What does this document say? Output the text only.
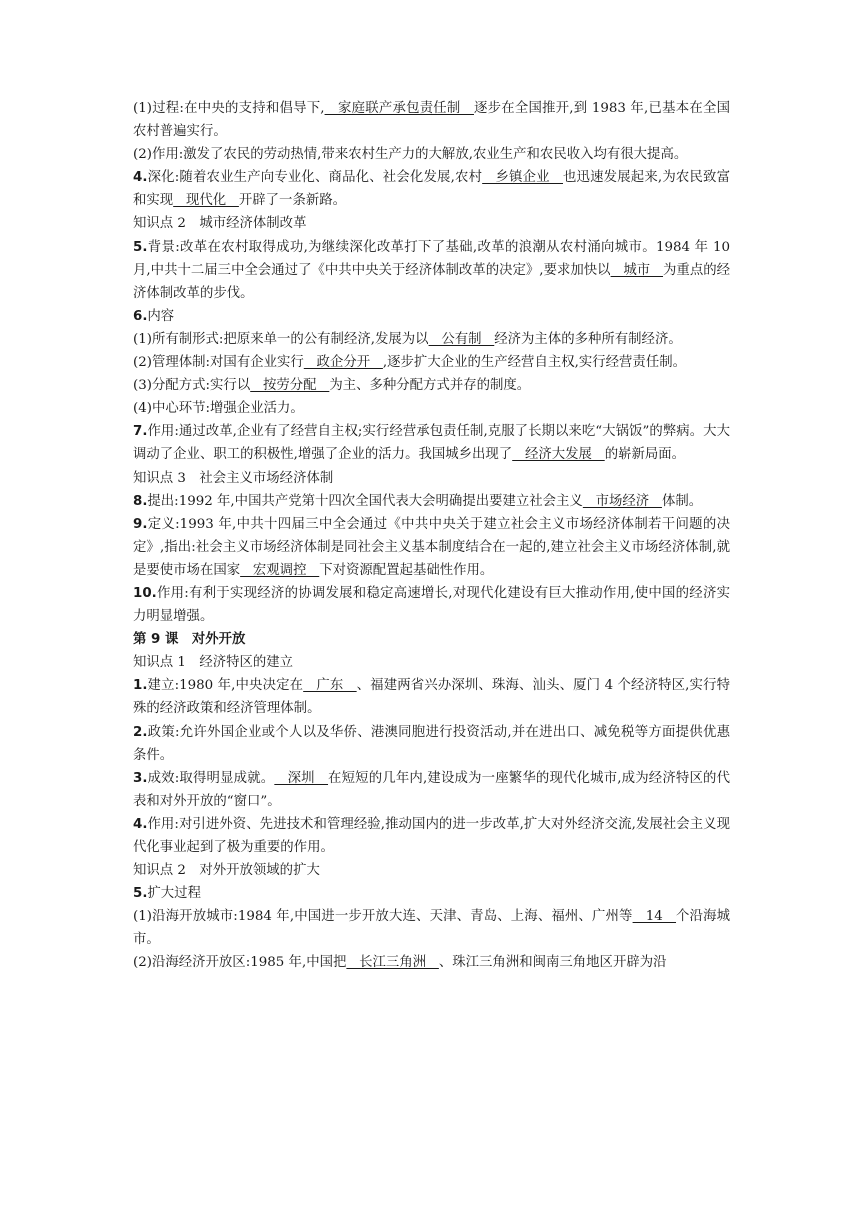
(1)过程:在中央的支持和倡导下,   家庭联产承包责任制   逐步在全国推开,到 1983 年,已基本在全国农村普遍实行。

(2)作用:激发了农民的劳动热情,带来农村生产力的大解放,农业生产和农民收入均有很大提高。

4.深化:随着农业生产向专业化、商品化、社会化发展,农村   乡镇企业   也迅速发展起来,为农民致富和实现   现代化   开辟了一条新路。

知识点 2　城市经济体制改革

5.背景:改革在农村取得成功,为继续深化改革打下了基础,改革的浪潮从农村涌向城市。1984 年 10 月,中共十二届三中全会通过了《中共中央关于经济体制改革的决定》,要求加快以   城市   为重点的经济体制改革的步伐。

6.内容

(1)所有制形式:把原来单一的公有制经济,发展为以   公有制   经济为主体的多种所有制经济。

(2)管理体制:对国有企业实行   政企分开   ,逐步扩大企业的生产经营自主权,实行经营责任制。

(3)分配方式:实行以   按劳分配   为主、多种分配方式并存的制度。

(4)中心环节:增强企业活力。

7.作用:通过改革,企业有了经营自主权;实行经营承包责任制,克服了长期以来吃“大锅饭”的弊病。大大调动了企业、职工的积极性,增强了企业的活力。我国城乡出现了   经济大发展   的崭新局面。

知识点 3　社会主义市场经济体制

8.提出:1992 年,中国共产党第十四次全国代表大会明确提出要建立社会主义   市场经济   体制。

9.定义:1993 年,中共十四届三中全会通过《中共中央关于建立社会主义市场经济体制若干问题的决定》,指出:社会主义市场经济体制是同社会主义基本制度结合在一起的,建立社会主义市场经济体制,就是要使市场在国家   宏观调控   下对资源配置起基础性作用。

10.作用:有利于实现经济的协调发展和稳定高速增长,对现代化建设有巨大推动作用,使中国的经济实力明显增强。

第 9 课　对外开放

知识点 1　经济特区的建立

1.建立:1980 年,中央决定在   广东   、福建两省兴办深圳、珠海、汕头、厦门 4 个经济特区,实行特殊的经济政策和经济管理体制。

2.政策:允许外国企业或个人以及华侨、港澳同胞进行投资活动,并在进出口、减免税等方面提供优惠条件。

3.成效:取得明显成就。   深圳   在短短的几年内,建设成为一座繁华的现代化城市,成为经济特区的代表和对外开放的“窗口”。

4.作用:对引进外资、先进技术和管理经验,推动国内的进一步改革,扩大对外经济交流,发展社会主义现代化事业起到了极为重要的作用。

知识点 2　对外开放领域的扩大

5.扩大过程

(1)沿海开放城市:1984 年,中国进一步开放大连、天津、青岛、上海、福州、广州等   14   个沿海城市。

(2)沿海经济开放区:1985 年,中国把   长江三角洲   、珠江三角洲和闽南三角地区开辟为沿
